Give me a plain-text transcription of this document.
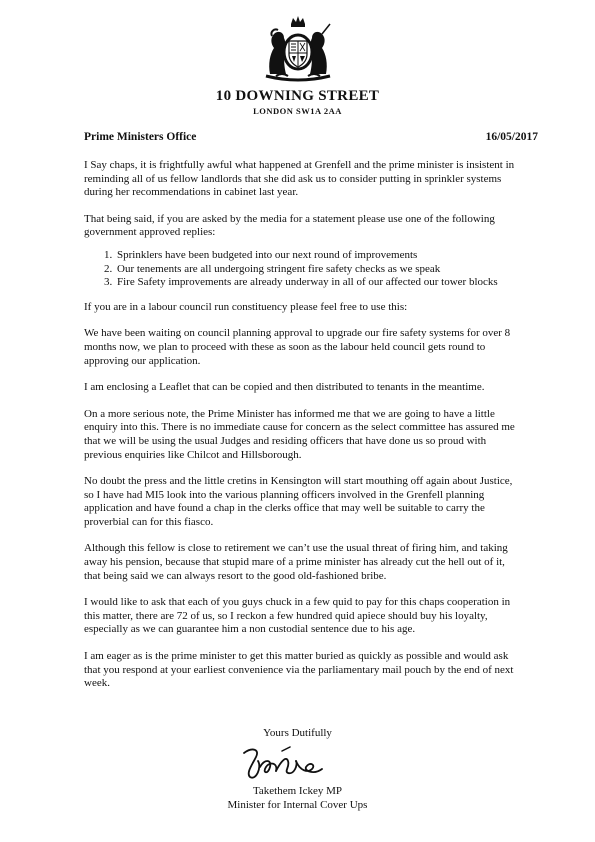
10 DOWNING STREET
LONDON SW1A 2AA
Prime Ministers Office	16/05/2017

I Say chaps, it is frightfully awful what happened at Grenfell and the prime minister is insistent in reminding all of us fellow landlords that she did ask us to consider putting in sprinkler systems during her recommendations in cabinet last year.

That being said, if you are asked by the media for a statement please use one of the following government approved replies:

1. Sprinklers have been budgeted into our next round of improvements
2. Our tenements are all undergoing stringent fire safety checks as we speak
3. Fire Safety improvements are already underway in all of our affected our tower blocks

If you are in a labour council run constituency please feel free to use this:

We have been waiting on council planning approval to upgrade our fire safety systems for over 8 months now, we plan to proceed with these as soon as the labour held council gets round to approving our application.

I am enclosing a Leaflet that can be copied and then distributed to tenants in the meantime.

On a more serious note, the Prime Minister has informed me that we are going to have a little enquiry into this. There is no immediate cause for concern as the select committee has assured me that we will be using the usual Judges and residing officers that have done us so proud with previous enquiries like Chilcot and Hillsborough.

No doubt the press and the little cretins in Kensington will start mouthing off again about Justice, so I have had MI5 look into the various planning officers involved in the Grenfell planning application and have found a chap in the clerks office that may well be suitable to carry the proverbial can for this fiasco.

Although this fellow is close to retirement we can’t use the usual threat of firing him, and taking away his pension, because that stupid mare of a prime minister has already cut the hell out of it, that being said we can always resort to the good old-fashioned bribe.

I would like to ask that each of you guys chuck in a few quid to pay for this chaps cooperation in this matter, there are 72 of us, so I reckon a few hundred quid apiece should buy his loyalty, especially as we can guarantee him a non custodial sentence due to his age.

I am eager as is the prime minister to get this matter buried as quickly as possible and would ask that you respond at your earliest convenience via the parliamentary mail pouch by the end of next week.

Yours Dutifully
Takethem Ickey MP
Minister for Internal Cover Ups
